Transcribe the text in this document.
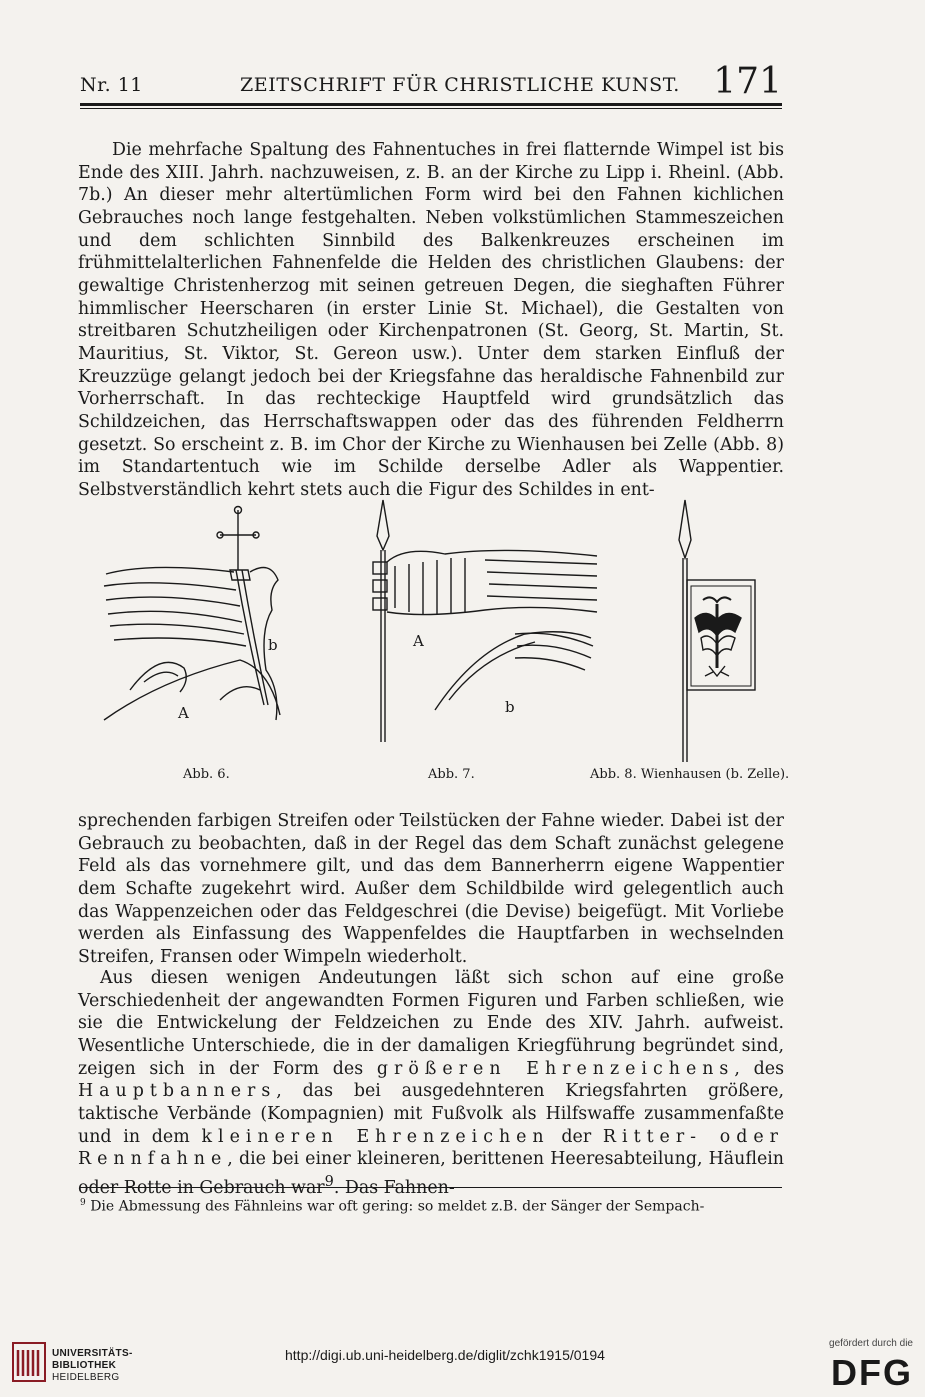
Nr. 11	ZEITSCHRIFT FÜR CHRISTLICHE KUNST. 171

Die mehrfache Spaltung des Fahnentuches in frei flatternde Wimpel ist bis Ende des XIII. Jahrh. nachzuweisen, z. B. an der Kirche zu Lipp i. Rheinl. (Abb. 7b.) An dieser mehr altertümlichen Form wird bei den Fahnen kichlichen Gebrauches noch lange festgehalten. Neben volkstümlichen Stammeszeichen und dem schlichten Sinnbild des Balkenkreuzes erscheinen im frühmittelalterlichen Fahnenfelde die Helden des christlichen Glaubens: der gewaltige Christenherzog mit seinen getreuen Degen, die sieghaften Führer himmlischer Heerscharen (in erster Linie St. Michael), die Gestalten von streitbaren Schutzheiligen oder Kirchenpatronen (St. Georg, St. Martin, St. Mauritius, St. Viktor, St. Gereon usw.). Unter dem starken Einfluß der Kreuzzüge gelangt jedoch bei der Kriegsfahne das heraldische Fahnenbild zur Vorherrschaft. In das rechteckige Hauptfeld wird grundsätzlich das Schildzeichen, das Herrschaftswappen oder das des führenden Feldherrn gesetzt. So erscheint z. B. im Chor der Kirche zu Wienhausen bei Zelle (Abb. 8) im Standartentuch wie im Schilde derselbe Adler als Wappentier. Selbstverständlich kehrt stets auch die Figur des Schildes in ent-

b
A
A
b
Abb. 6.	Abb. 7.	Abb. 8. Wienhausen (b. Zelle).

sprechenden farbigen Streifen oder Teilstücken der Fahne wieder. Dabei ist der Gebrauch zu beobachten, daß in der Regel das dem Schaft zunächst gelegene Feld als das vornehmere gilt, und das dem Bannerherrn eigene Wappentier dem Schafte zugekehrt wird. Außer dem Schildbilde wird gelegentlich auch das Wappenzeichen oder das Feldgeschrei (die Devise) beigefügt. Mit Vorliebe werden als Einfassung des Wappenfeldes die Hauptfarben in wechselnden Streifen, Fransen oder Wimpeln wiederholt.

Aus diesen wenigen Andeutungen läßt sich schon auf eine große Verschiedenheit der angewandten Formen Figuren und Farben schließen, wie sie die Entwickelung der Feldzeichen zu Ende des XIV. Jahrh. aufweist. Wesentliche Unterschiede, die in der damaligen Kriegführung begründet sind, zeigen sich in der Form des größeren Ehrenzeichens, des Hauptbanners, das bei ausgedehnteren Kriegsfahrten größere, taktische Verbände (Kompagnien) mit Fußvolk als Hilfswaffe zusammenfaßte und in dem kleineren Ehrenzeichen der Ritter- oder Rennfahne, die bei einer kleineren, berittenen Heeresabteilung, Häuflein oder Rotte in Gebrauch war$^9$. Das Fahnen-

$^9$ Die Abmessung des Fähnleins war oft gering: so meldet z.B. der Sänger der Sempach-
UNIVERSITÄTS-
BIBLIOTHEK
HEIDELBERG
http://digi.ub.uni-heidelberg.de/diglit/zchk1915/0194
gefördert durch die
DFG
